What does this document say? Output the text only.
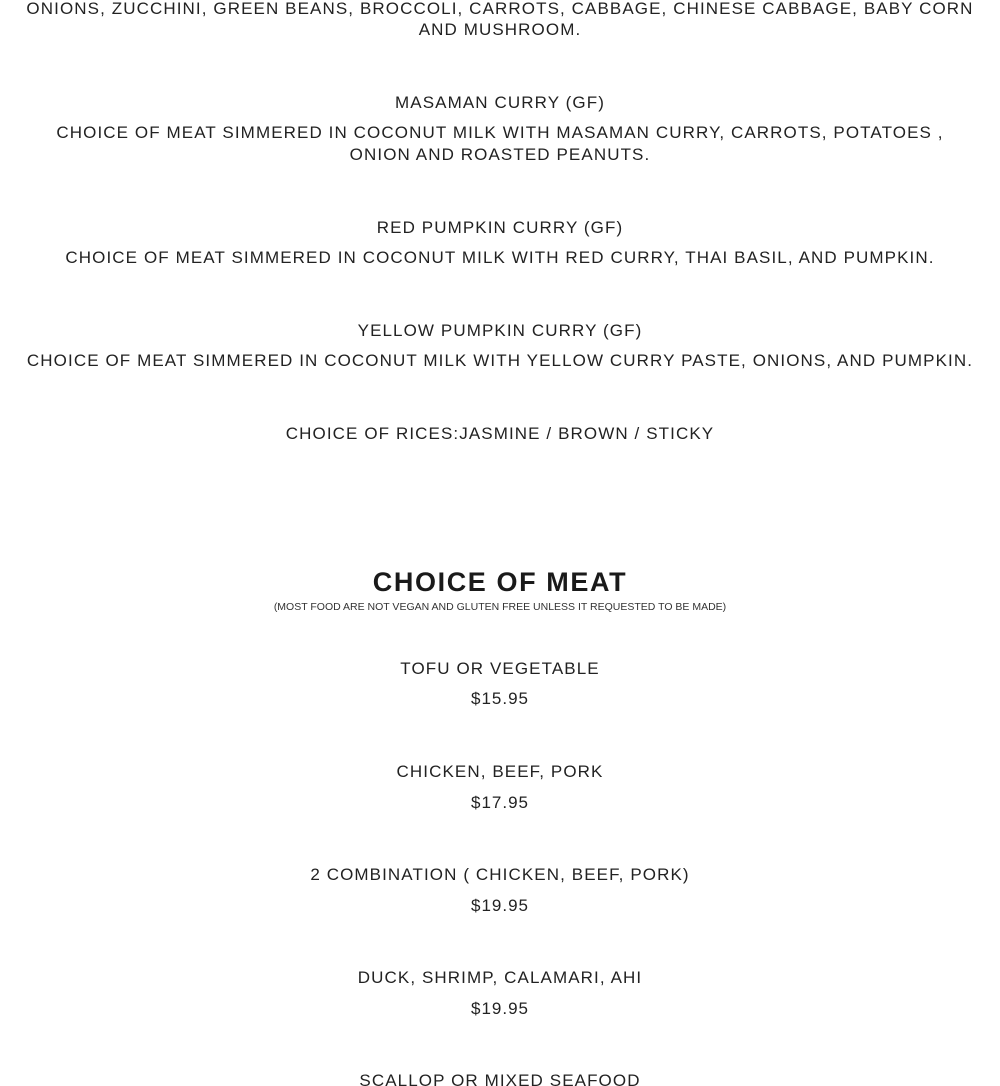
ONIONS, ZUCCHINI, GREEN BEANS, BROCCOLI, CARROTS, CABBAGE, CHINESE CABBAGE, BABY CORN AND MUSHROOM.
MASAMAN CURRY (GF)
CHOICE OF MEAT SIMMERED IN COCONUT MILK WITH MASAMAN CURRY, CARROTS, POTATOES , ONION AND ROASTED PEANUTS.
RED PUMPKIN CURRY (GF)
CHOICE OF MEAT SIMMERED IN COCONUT MILK WITH RED CURRY, THAI BASIL, AND PUMPKIN.
YELLOW PUMPKIN CURRY (GF)
CHOICE OF MEAT SIMMERED IN COCONUT MILK WITH YELLOW CURRY PASTE, ONIONS, AND PUMPKIN.
CHOICE OF RICES:JASMINE / BROWN / STICKY
CHOICE OF MEAT
(MOST FOOD ARE NOT VEGAN AND GLUTEN FREE UNLESS IT REQUESTED TO BE MADE)
TOFU OR VEGETABLE
$15.95
CHICKEN, BEEF, PORK
$17.95
2 COMBINATION ( CHICKEN, BEEF, PORK)
$19.95
DUCK, SHRIMP, CALAMARI, AHI
$19.95
SCALLOP OR MIXED SEAFOOD
